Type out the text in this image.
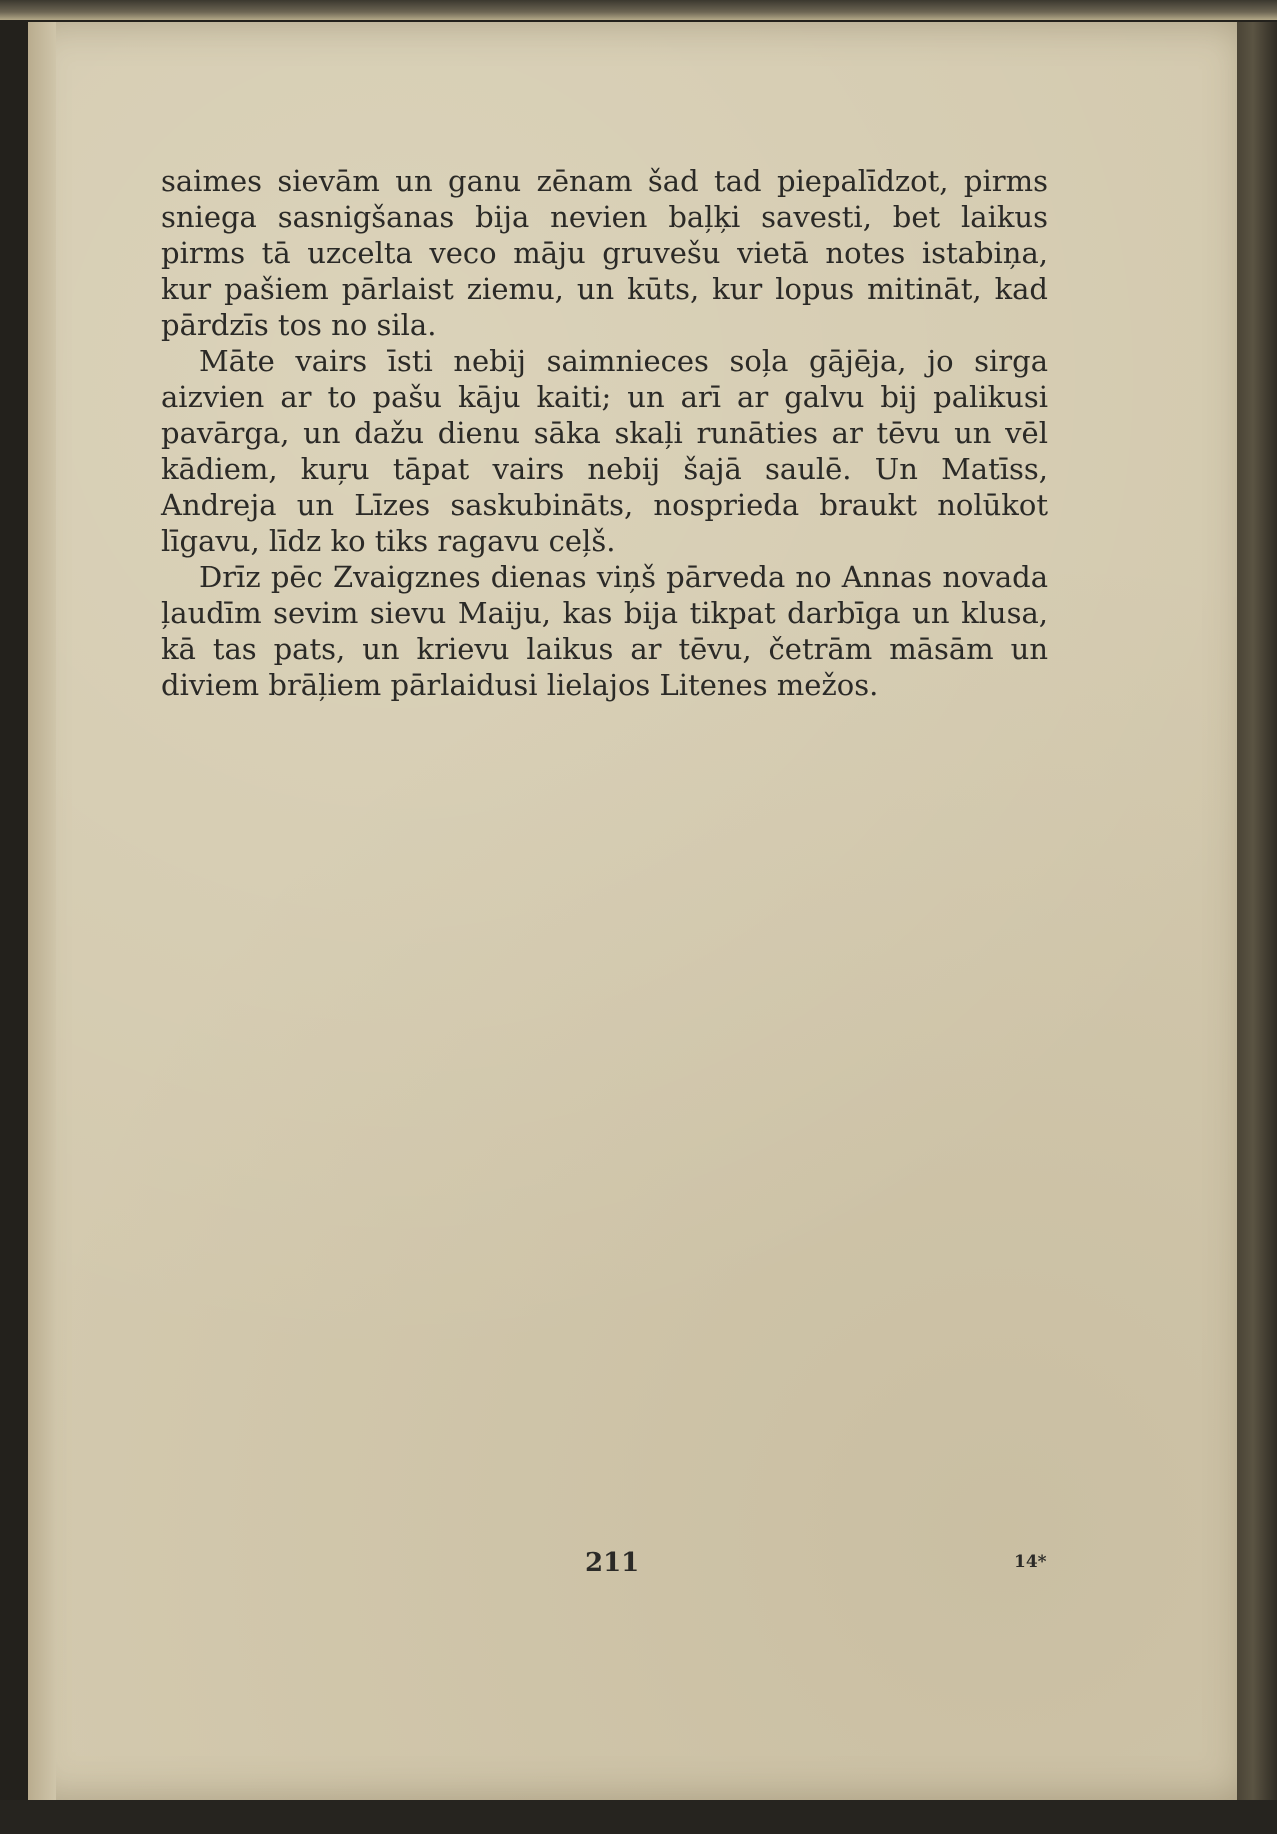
saimes sievām un ganu zēnam šad tad piepalīdzot, pirms sniega sasnigšanas bija nevien baļķi savesti, bet laikus pirms tā uzcelta veco māju gruvešu vietā notes istabiņa, kur pašiem pārlaist ziemu, un kūts, kur lopus mitināt, kad pārdzīs tos no sila.

Māte vairs īsti nebij saimnieces soļa gājēja, jo sirga aizvien ar to pašu kāju kaiti; un arī ar galvu bij palikusi pavārga, un dažu dienu sāka skaļi runāties ar tēvu un vēl kādiem, kuŗu tāpat vairs nebij šajā saulē. Un Matīss, Andreja un Līzes saskubināts, nosprieda braukt nolūkot līgavu, līdz ko tiks ragavu ceļš.

Drīz pēc Zvaigznes dienas viņš pārveda no Annas novada ļaudīm sevim sievu Maiju, kas bija tikpat darbīga un klusa, kā tas pats, un krievu laikus ar tēvu, četrām māsām un diviem brāļiem pārlaidusi lielajos Litenes mežos.

211	14*
